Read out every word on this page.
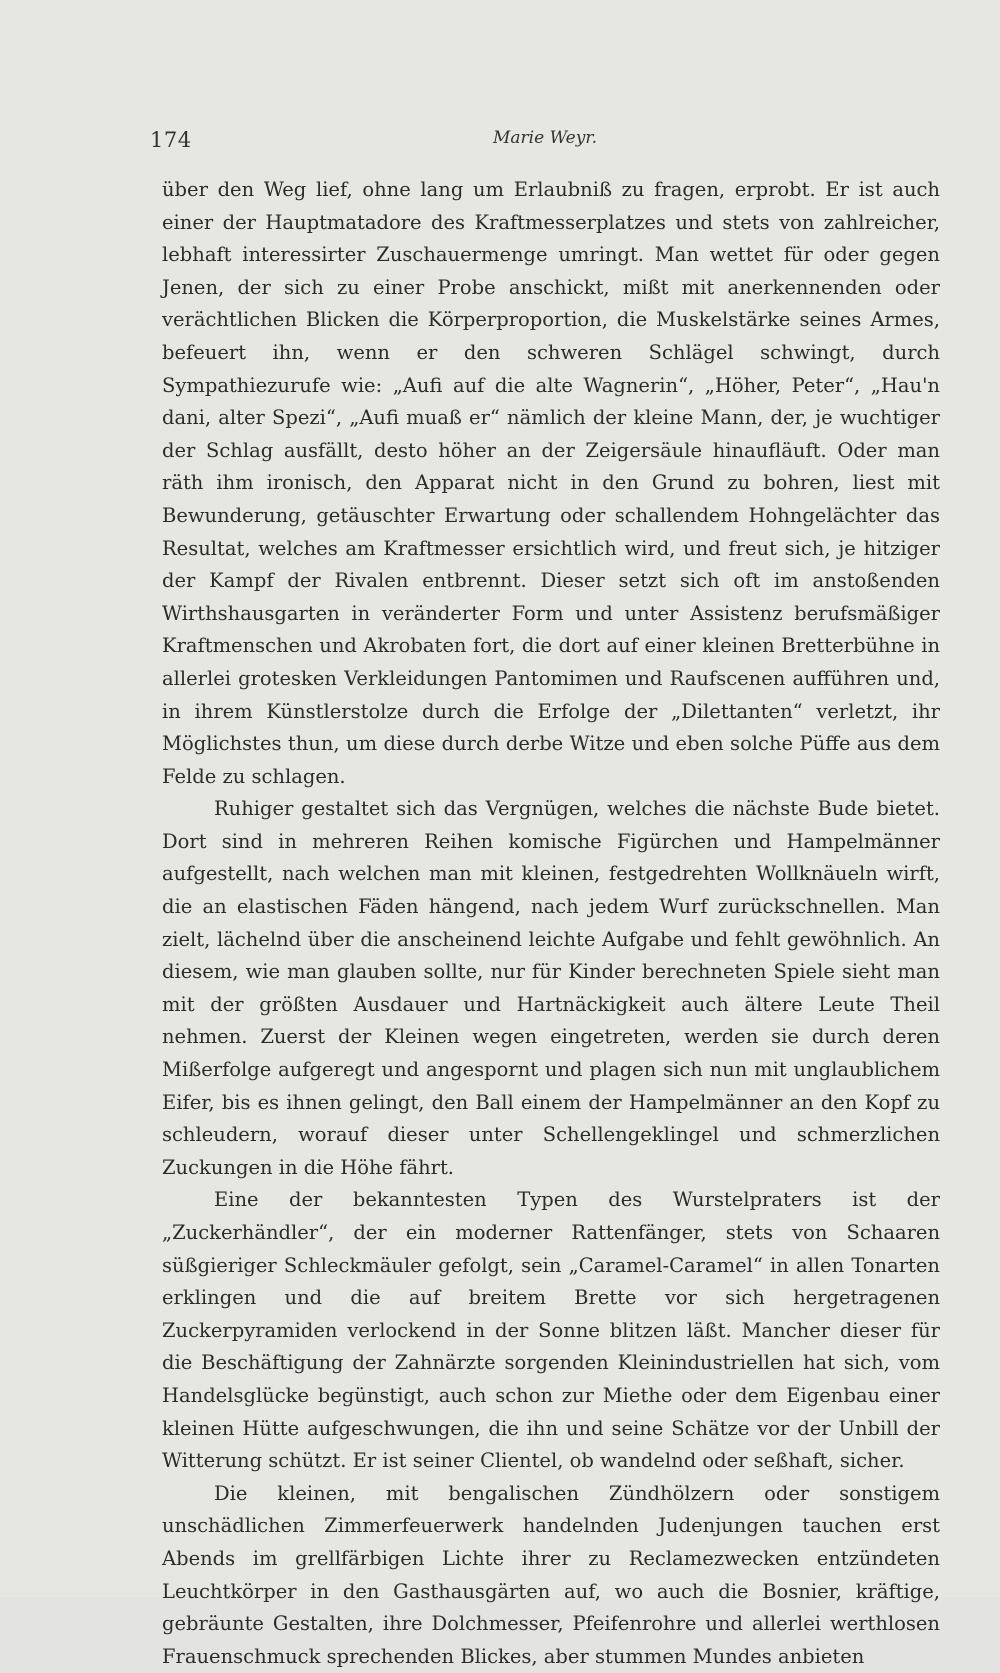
174	Marie Weyr.

über den Weg lief, ohne lang um Erlaubniß zu fragen, erprobt. Er ist auch einer der Hauptmatadore des Kraftmesserplatzes und stets von zahlreicher, lebhaft interessirter Zuschauermenge umringt. Man wettet für oder gegen Jenen, der sich zu einer Probe anschickt, mißt mit anerkennenden oder verächtlichen Blicken die Körperproportion, die Muskelstärke seines Armes, befeuert ihn, wenn er den schweren Schlägel schwingt, durch Sympathiezurufe wie: „Aufi auf die alte Wagnerin“, „Höher, Peter“, „Hau'n dani, alter Spezi“, „Aufi muaß er“ nämlich der kleine Mann, der, je wuchtiger der Schlag ausfällt, desto höher an der Zeigersäule hinaufläuft. Oder man räth ihm ironisch, den Apparat nicht in den Grund zu bohren, liest mit Bewunderung, getäuschter Erwartung oder schallendem Hohngelächter das Resultat, welches am Kraftmesser ersichtlich wird, und freut sich, je hitziger der Kampf der Rivalen entbrennt. Dieser setzt sich oft im anstoßenden Wirthshausgarten in veränderter Form und unter Assistenz berufsmäßiger Kraftmenschen und Akrobaten fort, die dort auf einer kleinen Bretterbühne in allerlei grotesken Verkleidungen Pantomimen und Raufscenen aufführen und, in ihrem Künstlerstolze durch die Erfolge der „Dilettanten“ verletzt, ihr Möglichstes thun, um diese durch derbe Witze und eben solche Püffe aus dem Felde zu schlagen.

Ruhiger gestaltet sich das Vergnügen, welches die nächste Bude bietet. Dort sind in mehreren Reihen komische Figürchen und Hampelmänner aufgestellt, nach welchen man mit kleinen, festgedrehten Wollknäueln wirft, die an elastischen Fäden hängend, nach jedem Wurf zurückschnellen. Man zielt, lächelnd über die anscheinend leichte Aufgabe und fehlt gewöhnlich. An diesem, wie man glauben sollte, nur für Kinder berechneten Spiele sieht man mit der größten Ausdauer und Hartnäckigkeit auch ältere Leute Theil nehmen. Zuerst der Kleinen wegen eingetreten, werden sie durch deren Mißerfolge aufgeregt und angespornt und plagen sich nun mit unglaublichem Eifer, bis es ihnen gelingt, den Ball einem der Hampelmänner an den Kopf zu schleudern, worauf dieser unter Schellengeklingel und schmerzlichen Zuckungen in die Höhe fährt.

Eine der bekanntesten Typen des Wurstelpraters ist der „Zuckerhändler“, der ein moderner Rattenfänger, stets von Schaaren süßgieriger Schleckmäuler gefolgt, sein „Caramel-Caramel“ in allen Tonarten erklingen und die auf breitem Brette vor sich hergetragenen Zuckerpyramiden verlockend in der Sonne blitzen läßt. Mancher dieser für die Beschäftigung der Zahnärzte sorgenden Kleinindustriellen hat sich, vom Handelsglücke begünstigt, auch schon zur Miethe oder dem Eigenbau einer kleinen Hütte aufgeschwungen, die ihn und seine Schätze vor der Unbill der Witterung schützt. Er ist seiner Clientel, ob wandelnd oder seßhaft, sicher.

Die kleinen, mit bengalischen Zündhölzern oder sonstigem unschädlichen Zimmerfeuerwerk handelnden Judenjungen tauchen erst Abends im grellfärbigen Lichte ihrer zu Reclamezwecken entzündeten Leuchtkörper in den Gasthausgärten auf, wo auch die Bosnier, kräftige, gebräunte Gestalten, ihre Dolchmesser, Pfeifenrohre und allerlei werthlosen Frauenschmuck sprechenden Blickes, aber stummen Mundes anbieten
